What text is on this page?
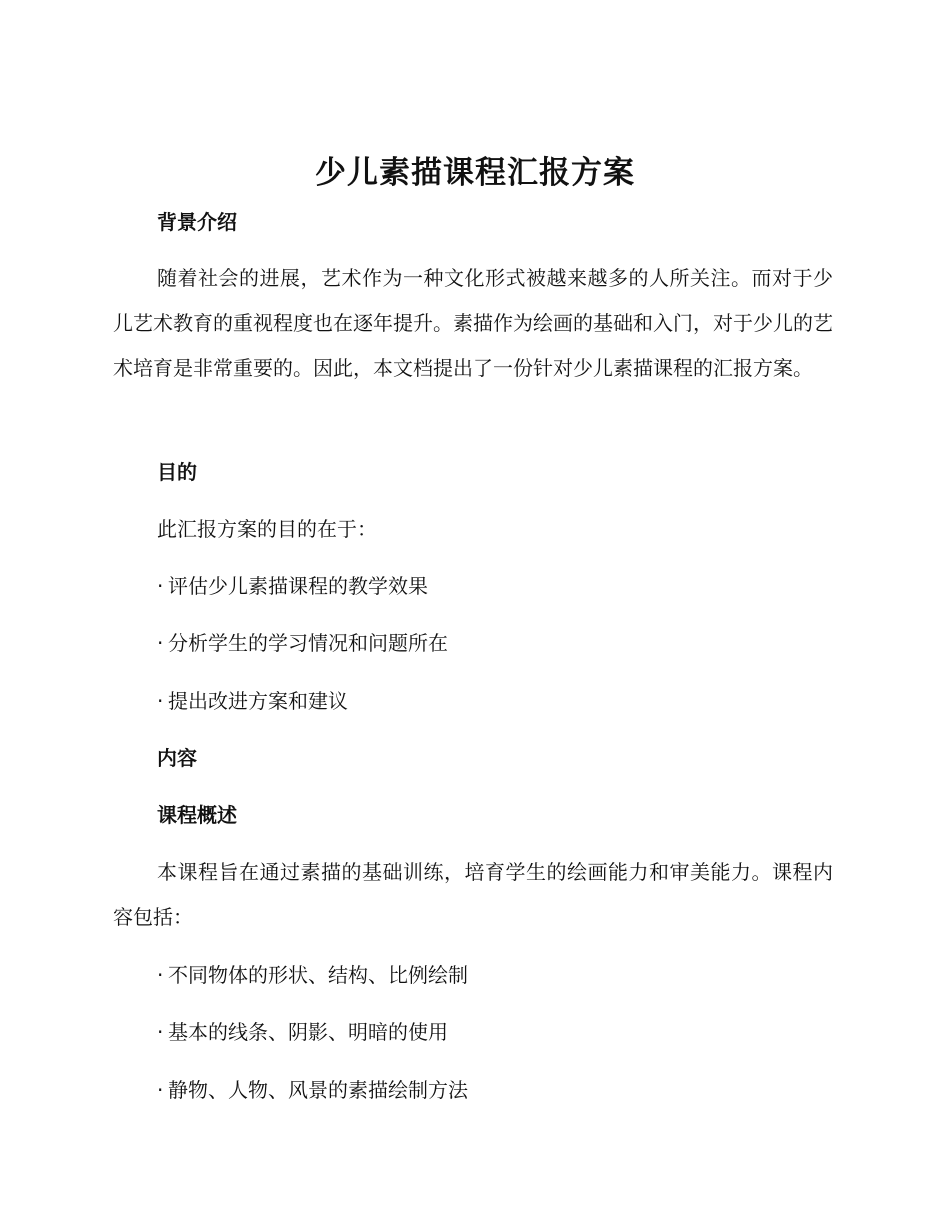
少儿素描课程汇报方案
背景介绍

随着社会的进展，艺术作为一种文化形式被越来越多的人所关注。而对于少儿艺术教育的重视程度也在逐年提升。素描作为绘画的基础和入门，对于少儿的艺术培育是非常重要的。因此，本文档提出了一份针对少儿素描课程的汇报方案。

目的

此汇报方案的目的在于：

· 评估少儿素描课程的教学效果
· 分析学生的学习情况和问题所在
· 提出改进方案和建议
内容
课程概述

本课程旨在通过素描的基础训练，培育学生的绘画能力和审美能力。课程内容包括：

· 不同物体的形状、结构、比例绘制
· 基本的线条、阴影、明暗的使用
· 静物、人物、风景的素描绘制方法
